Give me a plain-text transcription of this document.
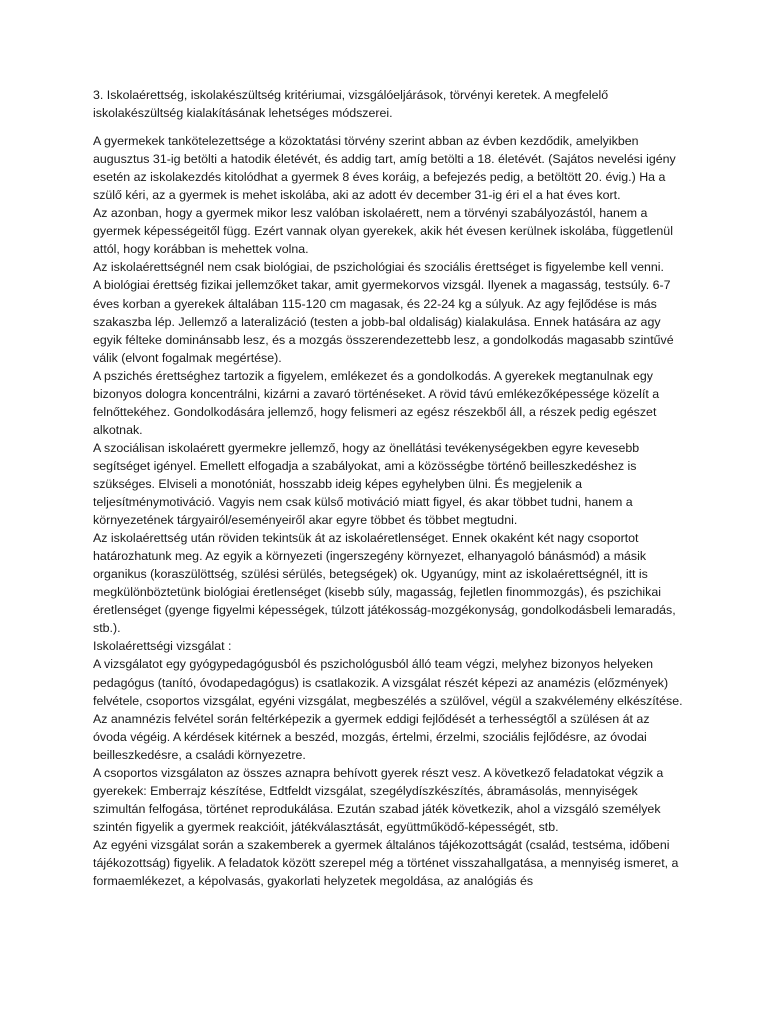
3. Iskolaérettség, iskolakészültség kritériumai, vizsgálóeljárások, törvényi keretek. A megfelelő iskolakészültség kialakításának lehetséges módszerei.

A gyermekek tankötelezettsége a közoktatási törvény szerint abban az évben kezdődik, amelyikben augusztus 31-ig betölti a hatodik életévét, és addig tart, amíg betölti a 18. életévét. (Sajátos nevelési igény esetén az iskolakezdés kitolódhat a gyermek 8 éves koráig, a befejezés pedig, a betöltött 20. évig.) Ha a szülő kéri, az a gyermek is mehet iskolába, aki az adott év december 31-ig éri el a hat éves kort.

Az azonban, hogy a gyermek mikor lesz valóban iskolaérett, nem a törvényi szabályozástól, hanem a gyermek képességeitől függ. Ezért vannak olyan gyerekek, akik hét évesen kerülnek iskolába, függetlenül attól, hogy korábban is mehettek volna.

Az iskolaérettségnél nem csak biológiai, de pszichológiai és szociális érettséget is figyelembe kell venni.

A biológiai érettség fizikai jellemzőket takar, amit gyermekorvos vizsgál. Ilyenek a magasság, testsúly. 6-7 éves korban a gyerekek általában 115-120 cm magasak, és 22-24 kg a súlyuk. Az agy fejlődése is más szakaszba lép. Jellemző a lateralizáció (testen a jobb-bal oldaliság) kialakulása. Ennek hatására az agy egyik félteke dominánsabb lesz, és a mozgás összerendezettebb lesz, a gondolkodás magasabb szintűvé válik (elvont fogalmak megértése).

A pszichés érettséghez tartozik a figyelem, emlékezet és a gondolkodás. A gyerekek megtanulnak egy bizonyos dologra koncentrálni, kizárni a zavaró történéseket. A rövid távú emlékezőképessége közelít a felnőttekéhez. Gondolkodására jellemző, hogy felismeri az egész részekből áll, a részek pedig egészet alkotnak.

A szociálisan iskolaérett gyermekre jellemző, hogy az önellátási tevékenységekben egyre kevesebb segítséget igényel. Emellett elfogadja a szabályokat, ami a közösségbe történő beilleszkedéshez is szükséges. Elviseli a monotóniát, hosszabb ideig képes egyhelyben ülni. És megjelenik a teljesítménymotiváció. Vagyis nem csak külső motiváció miatt figyel, és akar többet tudni, hanem a környezetének tárgyairól/eseményeiről akar egyre többet és többet megtudni.

Az iskolaérettség után röviden tekintsük át az iskolaéretlenséget. Ennek okaként két nagy csoportot határozhatunk meg. Az egyik a környezeti (ingerszegény környezet, elhanyagoló bánásmód) a másik organikus (koraszülöttség, szülési sérülés, betegségek) ok. Ugyanúgy, mint az iskolaérettségnél, itt is megkülönböztetünk biológiai éretlenséget (kisebb súly, magasság, fejletlen finommozgás), és pszichikai éretlenséget (gyenge figyelmi képességek, túlzott játékosság-mozgékonyság, gondolkodásbeli lemaradás, stb.).

Iskolaérettségi vizsgálat :

A vizsgálatot egy gyógypedagógusból és pszichológusból álló team végzi, melyhez bizonyos helyeken pedagógus (tanító, óvodapedagógus) is csatlakozik. A vizsgálat részét képezi az anamézis (előzmények) felvétele, csoportos vizsgálat, egyéni vizsgálat, megbeszélés a szülővel, végül a szakvélemény elkészítése.

Az anamnézis felvétel során feltérképezik a gyermek eddigi fejlődését a terhességtől a szülésen át az óvoda végéig. A kérdések kitérnek a beszéd, mozgás, értelmi, érzelmi, szociális fejlődésre, az óvodai beilleszkedésre, a családi környezetre.

A csoportos vizsgálaton az összes aznapra behívott gyerek részt vesz. A következő feladatokat végzik a gyerekek: Emberrajz készítése, Edtfeldt vizsgálat, szegélydíszkészítés, ábramásolás, mennyiségek szimultán felfogása, történet reprodukálása. Ezután szabad játék következik, ahol a vizsgáló személyek szintén figyelik a gyermek reakcióit, játékválasztását, együttműködő-képességét, stb.

Az egyéni vizsgálat során a szakemberek a gyermek általános tájékozottságát (család, testséma, időbeni tájékozottság) figyelik. A feladatok között szerepel még a történet visszahallgatása, a mennyiség ismeret, a formaemlékezet, a képolvasás, gyakorlati helyzetek megoldása, az analógiás és
